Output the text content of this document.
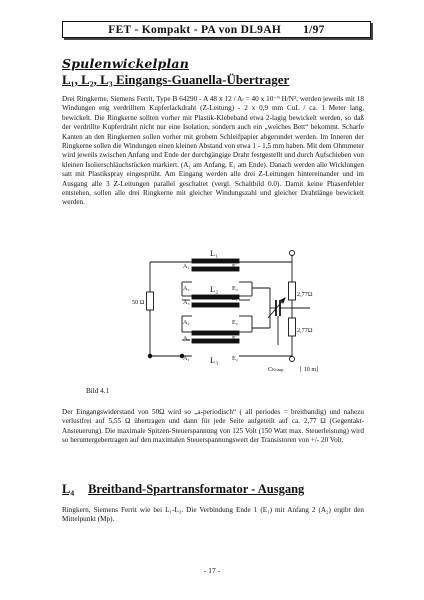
FET - Kompakt - PA von DL9AH 1/97
Spulenwickelplan
L₁, L₂, L₃ Eingangs-Guanella-Übertrager
Drei Ringkerne, Siemens Ferrit, Type B 64290 - A 48 x 12 / Aₗ = 40 x 10⁻⁹ H/N², werden jeweils mit 18 Windungen eng verdrilltem Kupferlackdraht (Z-Leitung) - 2 x 0,9 mm CuL / ca. 1 Meter lang, bewickelt. Die Ringkerne sollten vorher mit Plastik-Klebeband etwa 2-lagig bewickelt werden, so daß der verdrillte Kupferdraht nicht nur eine Isolation, sondern auch ein „weiches Bett“ bekommt. Scharfe Kanten an den Ringkernen sollen vorher mit grobem Schleifpapier abgerundet werden. Im Inneren der Ringkerne sollen die Windungen einen kleinen Abstand von etwa 1 - 1,5 mm haben. Mit dem Ohmmeter wird jeweils zwischen Anfang und Ende der durchgängige Draht festgestellt und durch Aufschieben von kleinen Isolierschläuchstücken markiert. (A₁ am Anfang, E₁ am Ende). Danach werden alle Wicklungen satt mit Plastikspray eingesprüht. Am Eingang werden alle drei Z-Leitungen hintereinander und im Ausgang alle 3 Z-Leitungen parallel geschaltet (vergl. Schaltbild 0.0). Damit keine Phasenfehler entstehen, sollen alle drei Ringkerne mit gleicher Windungszahl und gleicher Drahtlänge bewickelt werden.
L₁
L₂
L₃
A₁	E₁
A₂	E₃
A₃
E₁
A₂	E₂
A₃	E₃
A₁	E₂
50 Ω
2,77Ω
2,77Ω
CKomp. [ 10 m]
Bild 4.1
Der Eingangswiderstand von 50Ω wird so „a-periodisch“ ( all periodes = breitbandig) und nahezu verlustfrei auf 5,55 Ω übertragen und dann für jede Seite aufgeteilt auf ca. 2,77 Ω (Gegentakt-Ansteuerung). Die maximale Spitzen-Steuerspannung von 125 Volt (150 Watt max. Steuerleistung) wird so heruntergebertragen auf den maximalen Steuerspannungswert der Transistoren von +/- 20 Volt.
L₄ Breitband-Spartransformator - Ausgang
Ringkern, Siemens Ferrit wie bei L₁-L₃. Die Verbindung Ende 1 (E₁) mit Anfang 2 (A₂) ergibt den Mittelpunkt (Mp).
- 17 -
